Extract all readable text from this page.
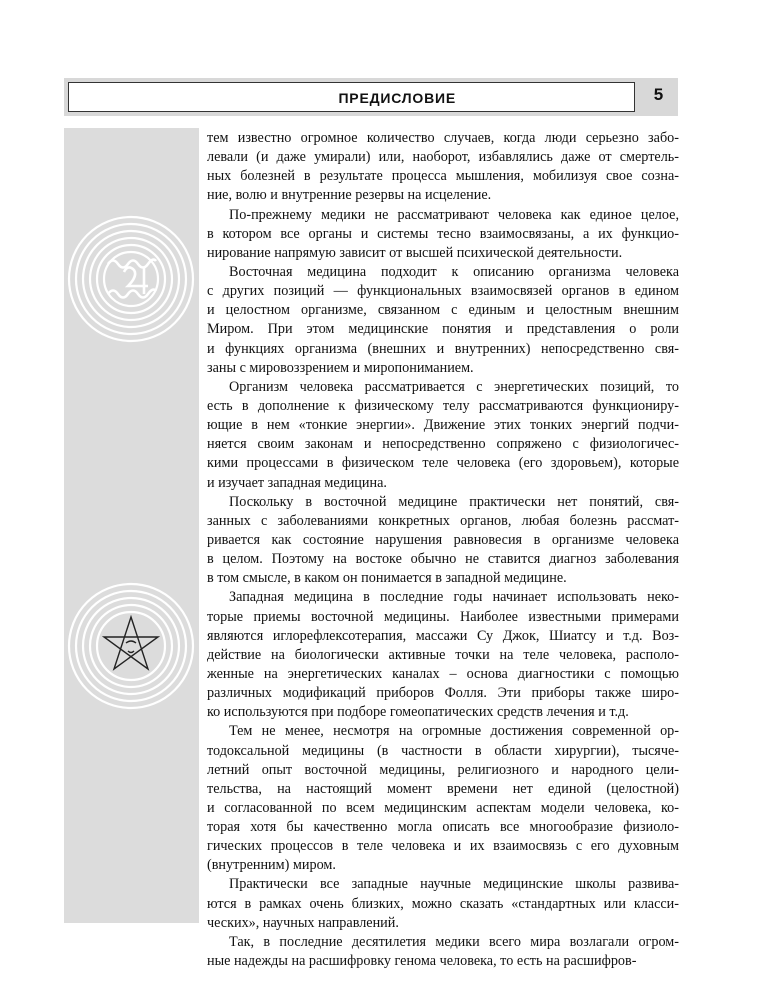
ПРЕДИСЛОВИЕ	5
тем известно огромное количество случаев, когда люди серьезно забо-
левали (и даже умирали) или, наоборот, избавлялись даже от смертель-
ных болезней в результате процесса мышления, мобилизуя свое созна-
ние, волю и внутренние резервы на исцеление.
По-прежнему медики не рассматривают человека как единое целое,
в котором все органы и системы тесно взаимосвязаны, а их функцио-
нирование напрямую зависит от высшей психической деятельности.
Восточная медицина подходит к описанию организма человека
с других позиций — функциональных взаимосвязей органов в едином
и целостном организме, связанном с единым и целостным внешним
Миром. При этом медицинские понятия и представления о роли
и функциях организма (внешних и внутренних) непосредственно свя-
заны с мировоззрением и миропониманием.
Организм человека рассматривается с энергетических позиций, то
есть в дополнение к физическому телу рассматриваются функциониру-
ющие в нем «тонкие энергии». Движение этих тонких энергий подчи-
няется своим законам и непосредственно сопряжено с физиологичес-
кими процессами в физическом теле человека (его здоровьем), которые
и изучает западная медицина.
Поскольку в восточной медицине практически нет понятий, свя-
занных с заболеваниями конкретных органов, любая болезнь рассмат-
ривается как состояние нарушения равновесия в организме человека
в целом. Поэтому на востоке обычно не ставится диагноз заболевания
в том смысле, в каком он понимается в западной медицине.
Западная медицина в последние годы начинает использовать неко-
торые приемы восточной медицины. Наиболее известными примерами
являются иглорефлексотерапия, массажи Су Джок, Шиатсу и т.д. Воз-
действие на биологически активные точки на теле человека, располо-
женные на энергетических каналах – основа диагностики с помощью
различных модификаций приборов Фолля. Эти приборы также широ-
ко используются при подборе гомеопатических средств лечения и т.д.
Тем не менее, несмотря на огромные достижения современной ор-
тодоксальной медицины (в частности в области хирургии), тысяче-
летний опыт восточной медицины, религиозного и народного цели-
тельства, на настоящий момент времени нет единой (целостной)
и согласованной по всем медицинским аспектам модели человека, ко-
торая хотя бы качественно могла описать все многообразие физиоло-
гических процессов в теле человека и их взаимосвязь с его духовным
(внутренним) миром.
Практически все западные научные медицинские школы развива-
ются в рамках очень близких, можно сказать «стандартных или класси-
ческих», научных направлений.
Так, в последние десятилетия медики всего мира возлагали огром-
ные надежды на расшифровку генома человека, то есть на расшифров-
